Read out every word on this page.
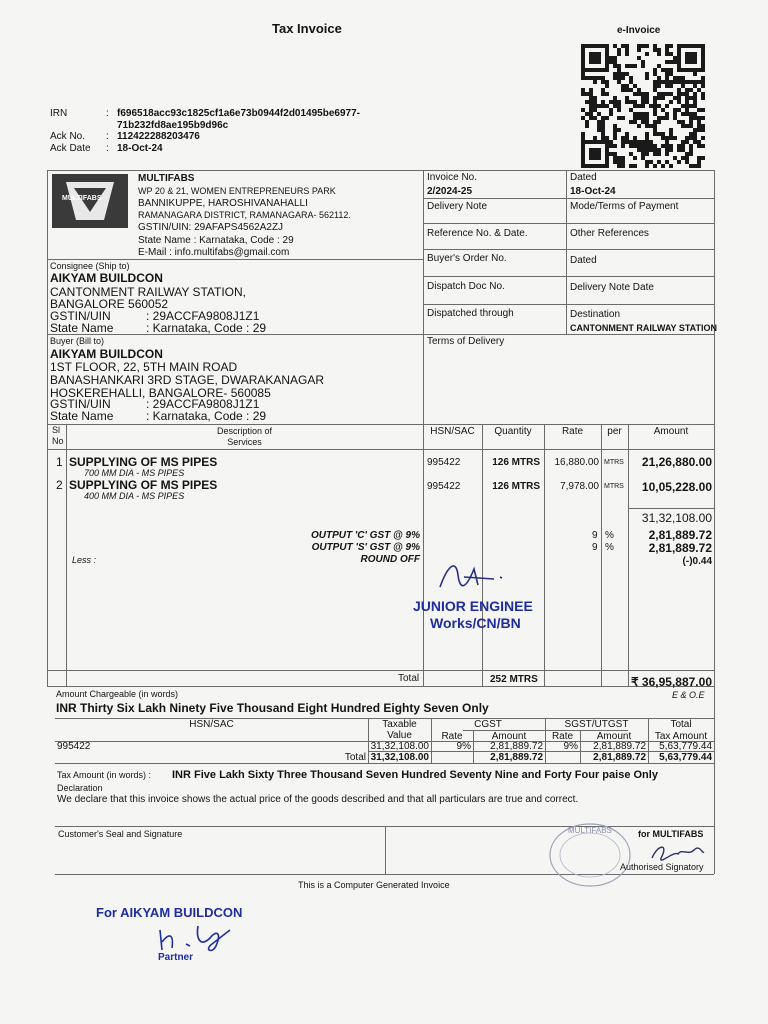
Tax Invoice	e-Invoice
IRN	: f696518acc93c1825cf1a6e73b0944f2d01495be6977-
71b232fd8ae195b9d96c
Ack No. : 112422288203476
Ack Date : 18-Oct-24
MULTIFABS
MULTIFABS
WP 20 & 21, WOMEN ENTREPRENEURS PARK
BANNIKUPPE, HAROSHIVANAHALLI
RAMANAGARA DISTRICT, RAMANAGARA- 562112.
GSTIN/UIN: 29AFAPS4562A2ZJ
State Name : Karnataka, Code : 29
E-Mail : info.multifabs@gmail.com
Invoice No.
2/2024-25
Dated
18-Oct-24
Delivery Note	Mode/Terms of Payment
Reference No. & Date.	Other References
Buyer's Order No.	Dated
Dispatch Doc No.	Delivery Note Date
Dispatched through	Destination
CANTONMENT RAILWAY STATION
Terms of Delivery
Consignee (Ship to)
AIKYAM BUILDCON
CANTONMENT RAILWAY STATION,
BANGALORE 560052
GSTIN/UIN	: 29ACCFA9808J1Z1
State Name	: Karnataka, Code : 29
Buyer (Bill to)
AIKYAM BUILDCON
1ST FLOOR, 22, 5TH MAIN ROAD
BANASHANKARI 3RD STAGE, DWARAKANAGAR
HOSKEREHALLI, BANGALORE- 560085
GSTIN/UIN	: 29ACCFA9808J1Z1
State Name	: Karnataka, Code : 29
Sl
No
Description of
Services
HSN/SAC	Quantity	Rate	per	Amount
1 SUPPLYING OF MS PIPES
700 MM DIA - MS PIPES
995422	126 MTRS	16,880.00 MTRS	21,26,880.00
2 SUPPLYING OF MS PIPES
400 MM DIA - MS PIPES
995422	126 MTRS	7,978.00 MTRS	10,05,228.00
31,32,108.00
OUTPUT 'C' GST @ 9%	9 %	2,81,889.72
OUTPUT 'S' GST @ 9%	9 %	2,81,889.72
Less :	ROUND OFF	(-)0.44
JUNIOR ENGINEE
Works/CN/BN
Total	252 MTRS	₹ 36,95,887.00
Amount Chargeable (in words)	E & O.E
INR Thirty Six Lakh Ninety Five Thousand Eight Hundred Eighty Seven Only
HSN/SAC	Taxable
Value
CGST	SGST/UTGST	Total
Rate	Amount	Rate	Amount	Tax Amount
995422	31,32,108.00	9%	2,81,889.72	9%	2,81,889.72	5,63,779.44
Total 31,32,108.00	2,81,889.72	2,81,889.72	5,63,779.44
Tax Amount (in words) : INR Five Lakh Sixty Three Thousand Seven Hundred Seventy Nine and Forty Four paise Only
Declaration
We declare that this invoice shows the actual price of the goods described and that all particulars are true and correct.
Customer's Seal and Signature	for MULTIFABS
MULTIFABS
Authorised Signatory
This is a Computer Generated Invoice
For AIKYAM BUILDCON
Partner
